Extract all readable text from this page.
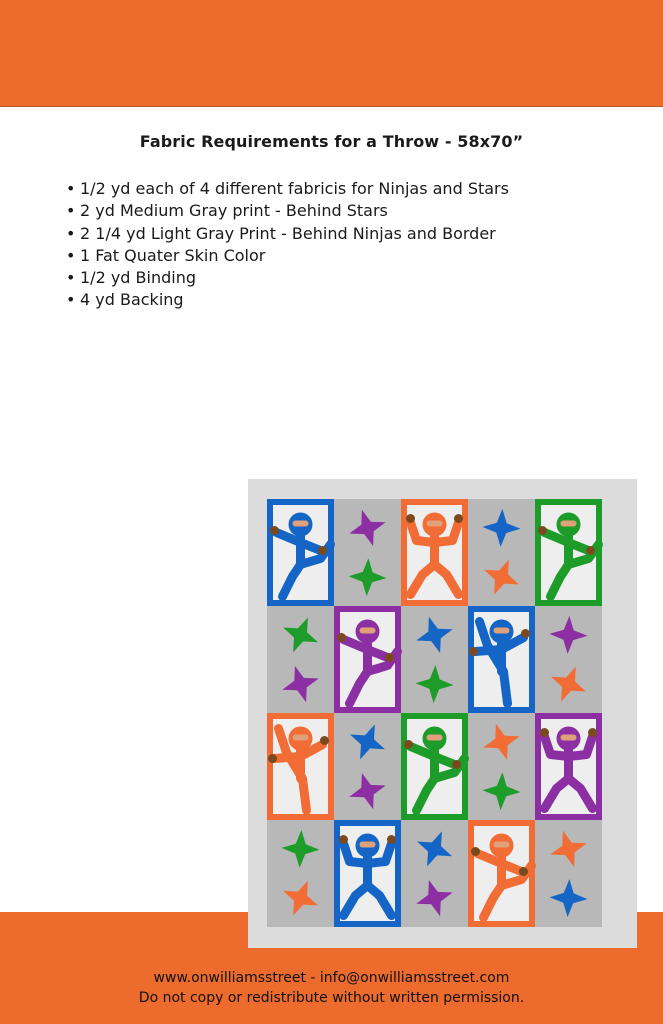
Fabric Requirements for a Throw - 58x70”
• 1/2 yd each of 4 different fabricis for Ninjas and Stars
• 2 yd Medium Gray print - Behind Stars
• 2 1/4 yd Light Gray Print - Behind Ninjas and Border
• 1 Fat Quater Skin Color
• 1/2 yd Binding
• 4 yd Backing
www.onwilliamsstreet - info@onwilliamsstreet.com
Do not copy or redistribute without written permission.
